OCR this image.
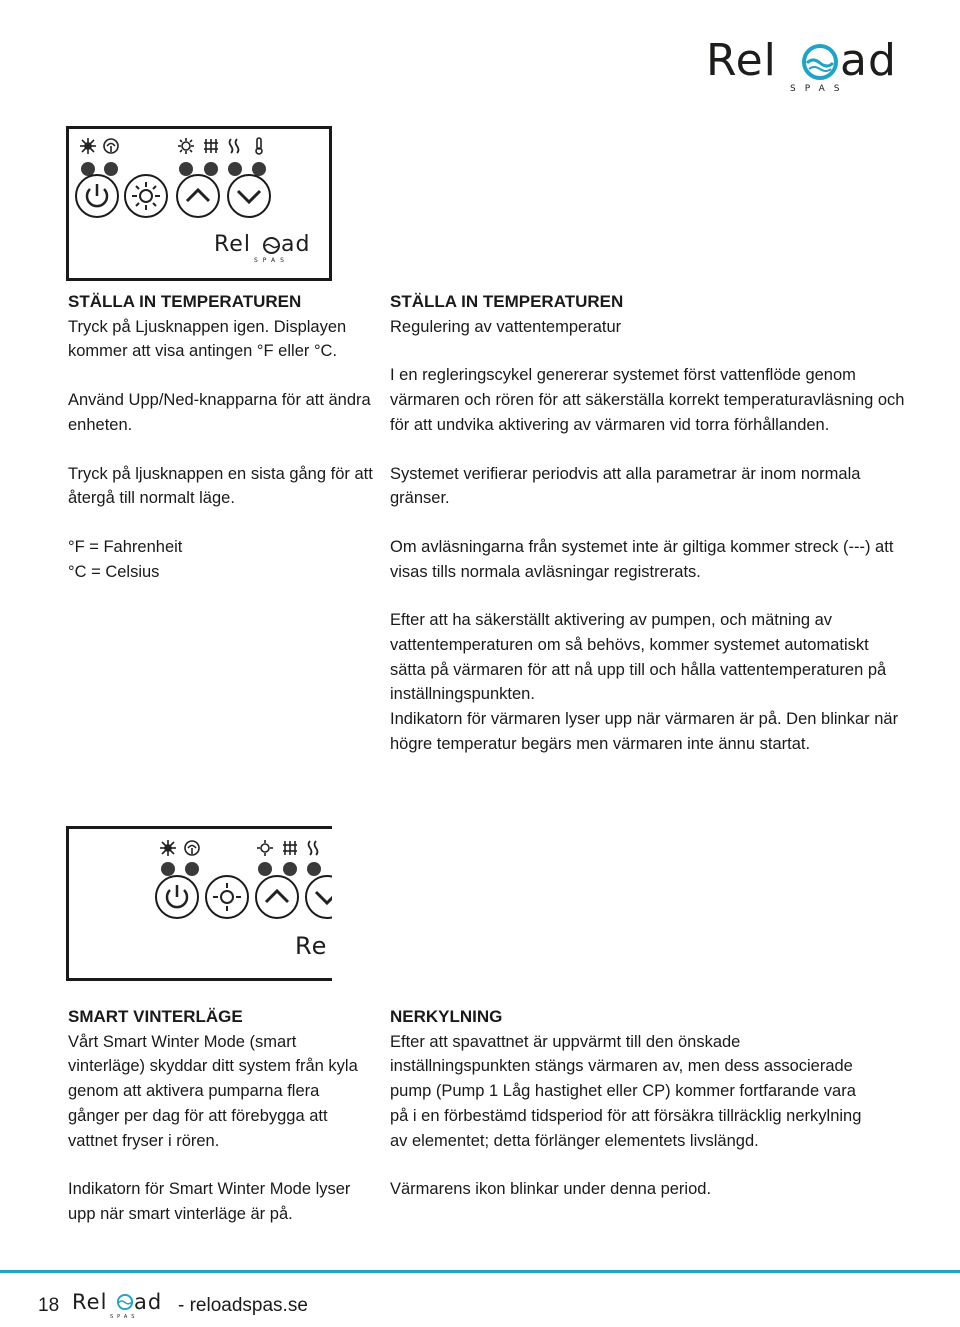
Rel ad
SPAS
Rel ad
SPAS

STÄLLA IN TEMPERATUREN

Tryck på Ljusknappen igen. Displayen kommer att visa antingen °F eller °C.

Använd Upp/Ned-knapparna för att ändra enheten.

Tryck på ljusknappen en sista gång för att återgå till normalt läge.

°F = Fahrenheit

°C = Celsius

STÄLLA IN TEMPERATUREN

Regulering av vattentemperatur

I en regleringscykel genererar systemet först vattenflöde genom värmaren och rören för att säkerställa korrekt temperaturavläsning och för att undvika aktivering av värmaren vid torra förhållanden.

Systemet verifierar periodvis att alla parametrar är inom normala gränser.

Om avläsningarna från systemet inte är giltiga kommer streck (---) att visas tills normala avläsningar registrerats.

Efter att ha säkerställt aktivering av pumpen, och mätning av vattentemperaturen om så behövs, kommer systemet automatiskt sätta på värmaren för att nå upp till och hålla vattentemperaturen på inställningspunkten.

Indikatorn för värmaren lyser upp när värmaren är på. Den blinkar när högre temperatur begärs men värmaren inte ännu startat.

Re

SMART VINTERLÄGE

Vårt Smart Winter Mode (smart vinterläge) skyddar ditt system från kyla genom att aktivera pumparna flera gånger per dag för att förebygga att vattnet fryser i rören.

Indikatorn för Smart Winter Mode lyser upp när smart vinterläge är på.

NERKYLNING

Efter att spavattnet är uppvärmt till den önskade inställningspunkten stängs värmaren av, men dess associerade pump (Pump 1 Låg hastighet eller CP) kommer fortfarande vara på i en förbestämd tidsperiod för att försäkra tillräcklig nerkylning av elementet; detta förlänger elementets livslängd.

Värmarens ikon blinkar under denna period.

18 Rel ad
SPAS
- reloadspas.se
